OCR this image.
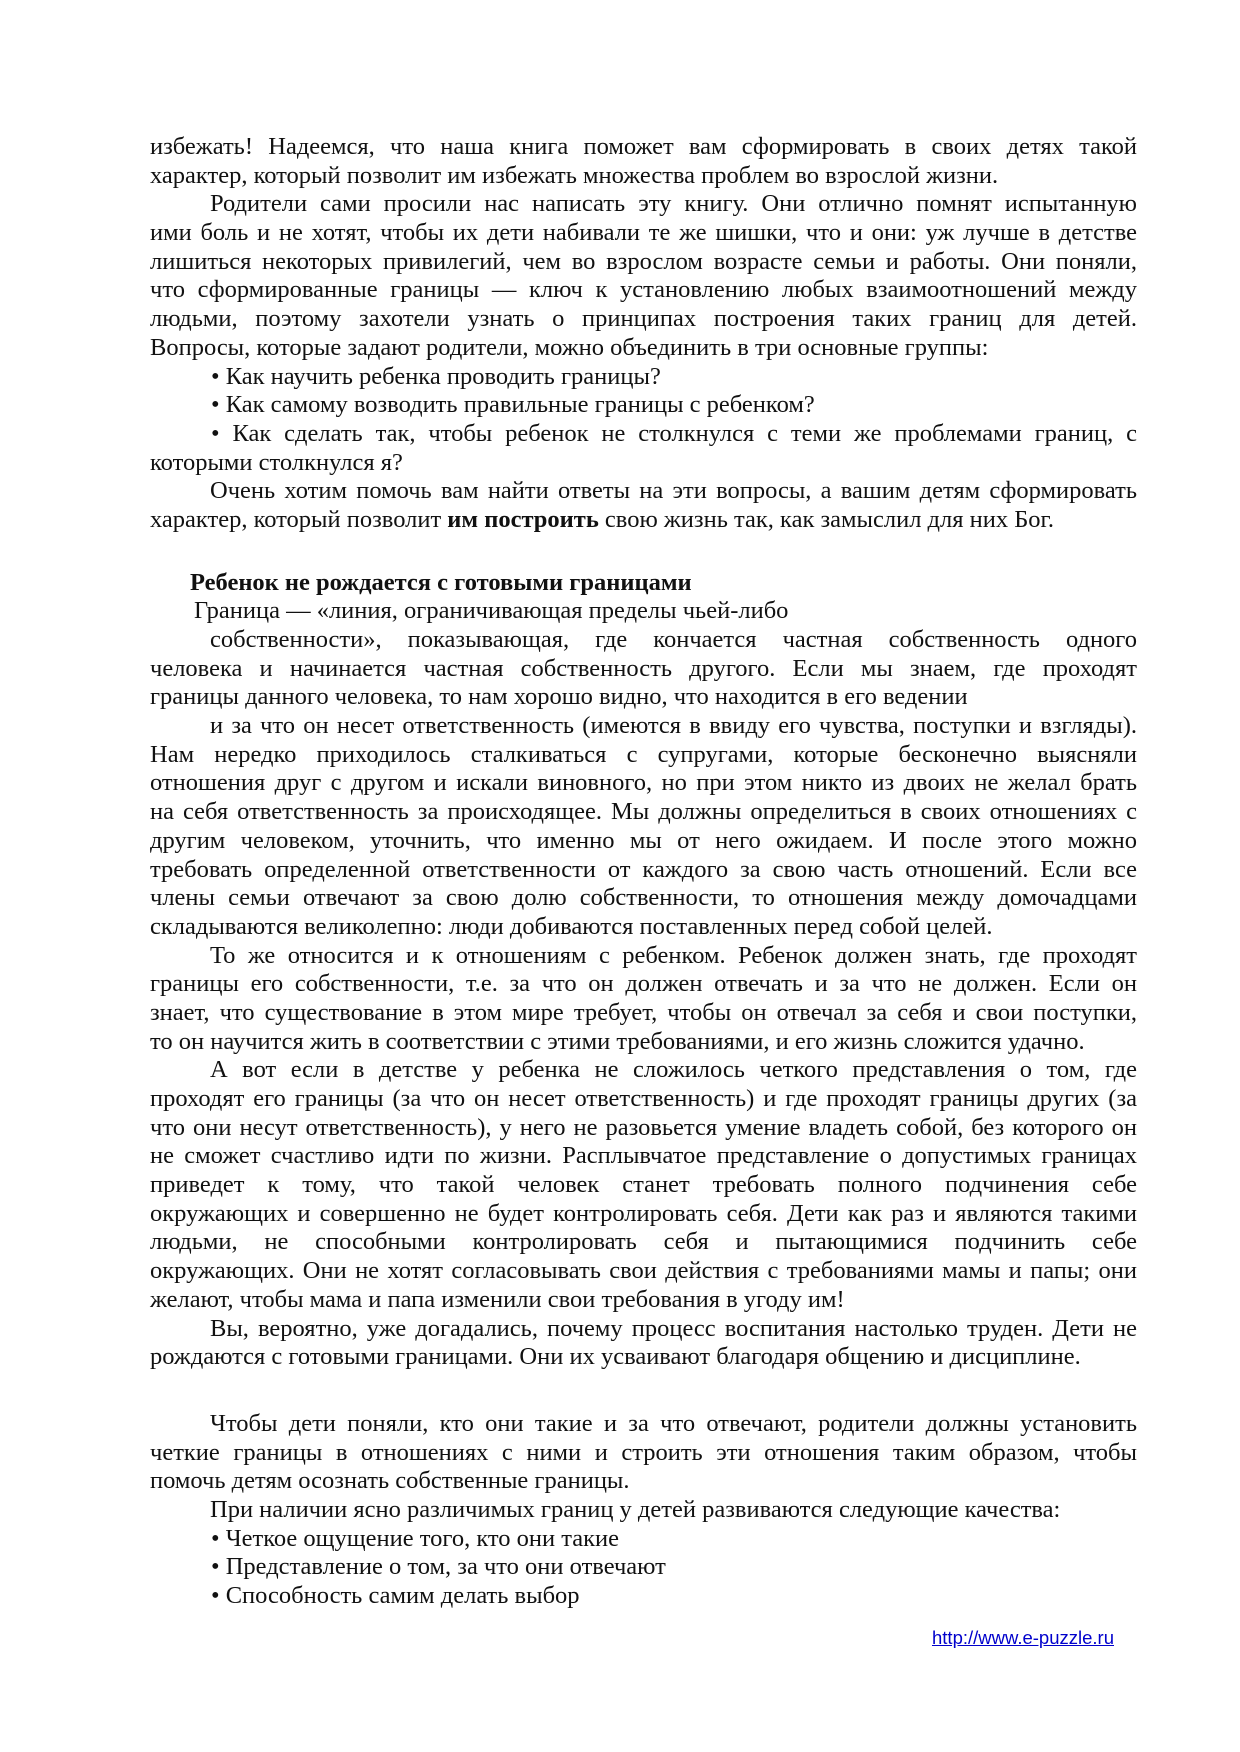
избежать! Надеемся, что наша книга поможет вам сформировать в своих детях такой
характер, который позволит им избежать множества проблем во взрослой жизни.
Родители сами просили нас написать эту книгу. Они отлично помнят испытанную
ими боль и не хотят, чтобы их дети набивали те же шишки, что и они: уж лучше в детстве
лишиться некоторых привилегий, чем во взрослом возрасте семьи и работы. Они поняли,
что сформированные границы — ключ к установлению любых взаимоотношений между
людьми, поэтому захотели узнать о принципах построения таких границ для детей.
Вопросы, которые задают родители, можно объединить в три основные группы:
• Как научить ребенка проводить границы?
• Как самому возводить правильные границы с ребенком?
• Как сделать так, чтобы ребенок не столкнулся с теми же проблемами границ, с
которыми столкнулся я?
Очень хотим помочь вам найти ответы на эти вопросы, а вашим детям сформировать
характер, который позволит им построить свою жизнь так, как замыслил для них Бог.
Ребенок не рождается с готовыми границами
Граница — «линия, ограничивающая пределы чьей-либо
собственности», показывающая, где кончается частная собственность одного
человека и начинается частная собственность другого. Если мы знаем, где проходят
границы данного человека, то нам хорошо видно, что находится в его ведении
и за что он несет ответственность (имеются в ввиду его чувства, поступки и взгляды).
Нам нередко приходилось сталкиваться с супругами, которые бесконечно выясняли
отношения друг с другом и искали виновного, но при этом никто из двоих не желал брать
на себя ответственность за происходящее. Мы должны определиться в своих отношениях с
другим человеком, уточнить, что именно мы от него ожидаем. И после этого можно
требовать определенной ответственности от каждого за свою часть отношений. Если все
члены семьи отвечают за свою долю собственности, то отношения между домочадцами
складываются великолепно: люди добиваются поставленных перед собой целей.
То же относится и к отношениям с ребенком. Ребенок должен знать, где проходят
границы его собственности, т.е. за что он должен отвечать и за что не должен. Если он
знает, что существование в этом мире требует, чтобы он отвечал за себя и свои поступки,
то он научится жить в соответствии с этими требованиями, и его жизнь сложится удачно.
А вот если в детстве у ребенка не сложилось четкого представления о том, где
проходят его границы (за что он несет ответственность) и где проходят границы других (за
что они несут ответственность), у него не разовьется умение владеть собой, без которого он
не сможет счастливо идти по жизни. Расплывчатое представление о допустимых границах
приведет к тому, что такой человек станет требовать полного подчинения себе
окружающих и совершенно не будет контролировать себя. Дети как раз и являются такими
людьми, не способными контролировать себя и пытающимися подчинить себе
окружающих. Они не хотят согласовывать свои действия с требованиями мамы и папы; они
желают, чтобы мама и папа изменили свои требования в угоду им!
Вы, вероятно, уже догадались, почему процесс воспитания настолько труден. Дети не
рождаются с готовыми границами. Они их усваивают благодаря общению и дисциплине.
Чтобы дети поняли, кто они такие и за что отвечают, родители должны установить
четкие границы в отношениях с ними и строить эти отношения таким образом, чтобы
помочь детям осознать собственные границы.
При наличии ясно различимых границ у детей развиваются следующие качества:
• Четкое ощущение того, кто они такие
• Представление о том, за что они отвечают
• Способность самим делать выбор
http://www.e-puzzle.ru
